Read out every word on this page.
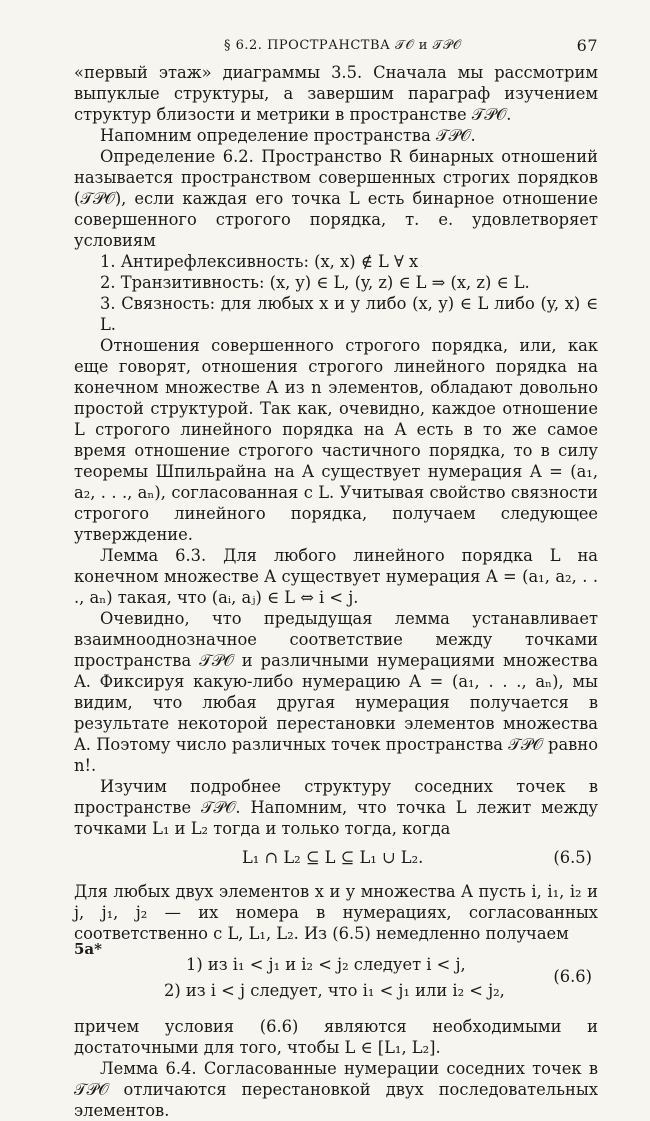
§ 6.2. ПРОСТРАНСТВА 𝒯𝒪 и 𝒯𝒫𝒪	67

«первый этаж» диаграммы 3.5. Сначала мы рассмотрим выпуклые структуры, а завершим параграф изучением структур близости и метрики в пространстве 𝒯𝒫𝒪.

Напомним определение пространства 𝒯𝒫𝒪.

Определение 6.2. Пространство R бинарных отношений называется пространством совершенных строгих порядков (𝒯𝒫𝒪), если каждая его точка L есть бинарное отношение совершенного строгого порядка, т. е. удовлетворяет условиям

1. Антирефлексивность: (x, x) ∉ L ∀ x

2. Транзитивность: (x, y) ∈ L, (y, z) ∈ L ⇒ (x, z) ∈ L.

3. Связность: для любых x и y либо (x, y) ∈ L либо (y, x) ∈ L.

Отношения совершенного строгого порядка, или, как еще говорят, отношения строгого линейного порядка на конечном множестве A из n элементов, обладают довольно простой структурой. Так как, очевидно, каждое отношение L строгого линейного порядка на A есть в то же самое время отношение строгого частичного порядка, то в силу теоремы Шпильрайна на A существует нумерация A = (a₁, a₂, . . ., aₙ), согласованная с L. Учитывая свойство связности строгого линейного порядка, получаем следующее утверждение.

Лемма 6.3. Для любого линейного порядка L на конечном множестве A существует нумерация A = (a₁, a₂, . . ., aₙ) такая, что (aᵢ, aⱼ) ∈ L ⇔ i < j.

Очевидно, что предыдущая лемма устанавливает взаимнооднозначное соответствие между точками пространства 𝒯𝒫𝒪 и различными нумерациями множества A. Фиксируя какую-либо нумерацию A = (a₁, . . ., aₙ), мы видим, что любая другая нумерация получается в результате некоторой перестановки элементов множества A. Поэтому число различных точек пространства 𝒯𝒫𝒪 равно n!.

Изучим подробнее структуру соседних точек в пространстве 𝒯𝒫𝒪. Напомним, что точка L лежит между точками L₁ и L₂ тогда и только тогда, когда

L₁ ∩ L₂ ⊆ L ⊆ L₁ ∪ L₂.	(6.5)

Для любых двух элементов x и y множества A пусть i, i₁, i₂ и j, j₁, j₂ — их номера в нумерациях, согласованных соответственно с L, L₁, L₂. Из (6.5) немедленно получаем

1) из i₁ < j₁ и i₂ < j₂ следует i < j,
2) из i < j следует, что i₁ < j₁ или i₂ < j₂,
(6.6)

причем условия (6.6) являются необходимыми и достаточными для того, чтобы L ∈ [L₁, L₂].

Лемма 6.4. Согласованные нумерации соседних точек в 𝒯𝒫𝒪 отличаются перестановкой двух последовательных элементов.

5a*
